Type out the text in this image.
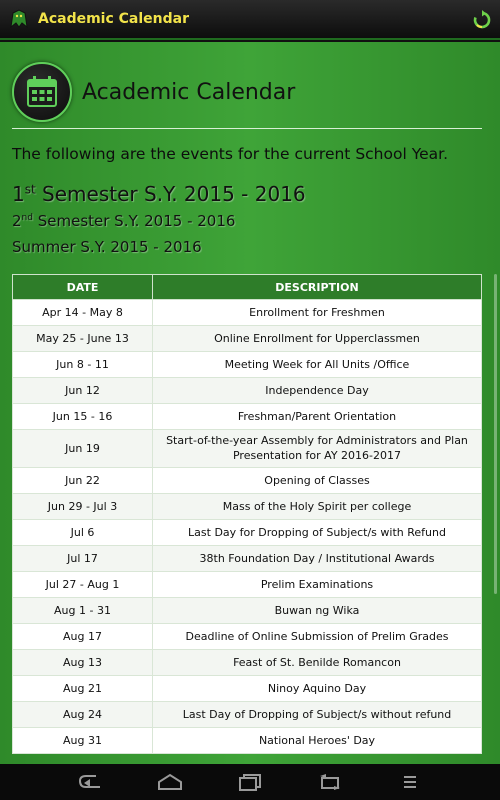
Academic Calendar
Academic Calendar
The following are the events for the current School Year.
1st Semester S.Y. 2015 - 2016
2nd Semester S.Y. 2015 - 2016
Summer S.Y. 2015 - 2016
DATE	DESCRIPTION
Apr 14 - May 8	Enrollment for Freshmen
May 25 - June 13	Online Enrollment for Upperclassmen
Jun 8 - 11	Meeting Week for All Units /Office
Jun 12	Independence Day
Jun 15 - 16	Freshman/Parent Orientation
Jun 19	Start-of-the-year Assembly for Administrators and Plan Presentation for AY 2016-2017
Jun 22	Opening of Classes
Jun 29 - Jul 3	Mass of the Holy Spirit per college
Jul 6	Last Day for Dropping of Subject/s with Refund
Jul 17	38th Foundation Day / Institutional Awards
Jul 27 - Aug 1	Prelim Examinations
Aug 1 - 31	Buwan ng Wika
Aug 17	Deadline of Online Submission of Prelim Grades
Aug 13	Feast of St. Benilde Romancon
Aug 21	Ninoy Aquino Day
Aug 24	Last Day of Dropping of Subject/s without refund
Aug 31	National Heroes' Day
